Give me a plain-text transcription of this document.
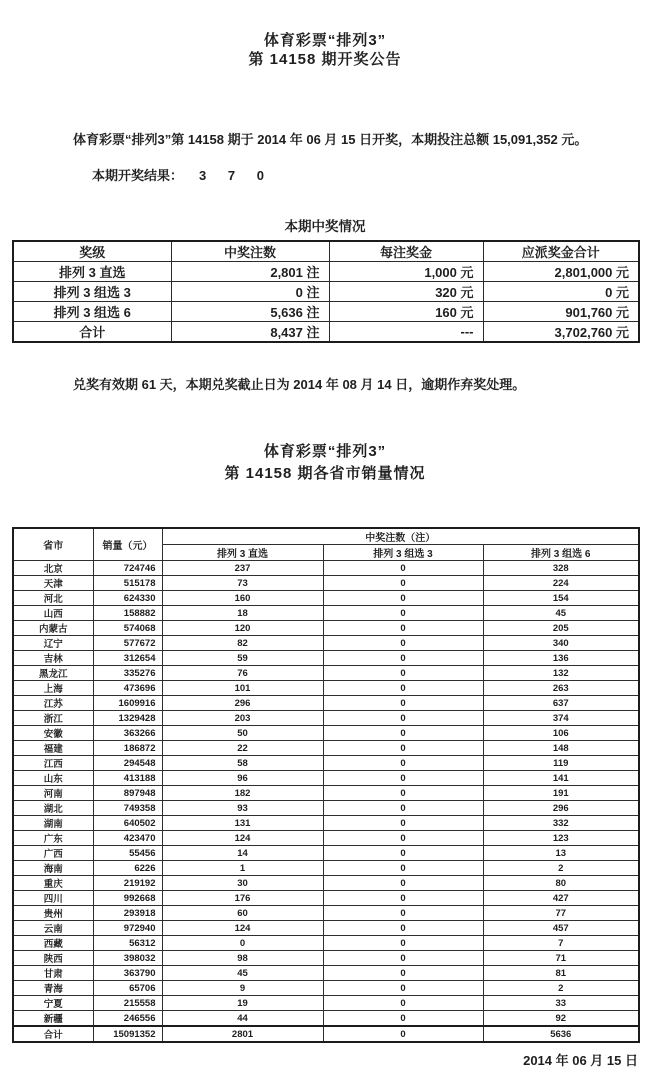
体育彩票“排列3”
第 14158 期开奖公告

体育彩票“排列3”第 14158 期于 2014 年 06 月 15 日开奖，本期投注总额 15,091,352 元。

本期开奖结果： 3 7 0

本期中奖情况
奖级	中奖注数	每注奖金	应派奖金合计
排列 3 直选	2,801 注	1,000 元	2,801,000 元
排列 3 组选 3	0 注	320 元	0 元
排列 3 组选 6	5,636 注	160 元	901,760 元
合计	8,437 注	---	3,702,760 元

兑奖有效期 61 天，本期兑奖截止日为 2014 年 08 月 14 日，逾期作弃奖处理。

体育彩票“排列3”
第 14158 期各省市销量情况
省市	销量（元）	中奖注数（注）		
		排列 3 直选	排列 3 组选 3	排列 3 组选 6
北京	724746	237	0	328
天津	515178	73	0	224
河北	624330	160	0	154
山西	158882	18	0	45
内蒙古	574068	120	0	205
辽宁	577672	82	0	340
吉林	312654	59	0	136
黑龙江	335276	76	0	132
上海	473696	101	0	263
江苏	1609916	296	0	637
浙江	1329428	203	0	374
安徽	363266	50	0	106
福建	186872	22	0	148
江西	294548	58	0	119
山东	413188	96	0	141
河南	897948	182	0	191
湖北	749358	93	0	296
湖南	640502	131	0	332
广东	423470	124	0	123
广西	55456	14	0	13
海南	6226	1	0	2
重庆	219192	30	0	80
四川	992668	176	0	427
贵州	293918	60	0	77
云南	972940	124	0	457
西藏	56312	0	0	7
陕西	398032	98	0	71
甘肃	363790	45	0	81
青海	65706	9	0	2
宁夏	215558	19	0	33
新疆	246556	44	0	92
合计	15091352	2801	0	5636
2014 年 06 月 15 日
